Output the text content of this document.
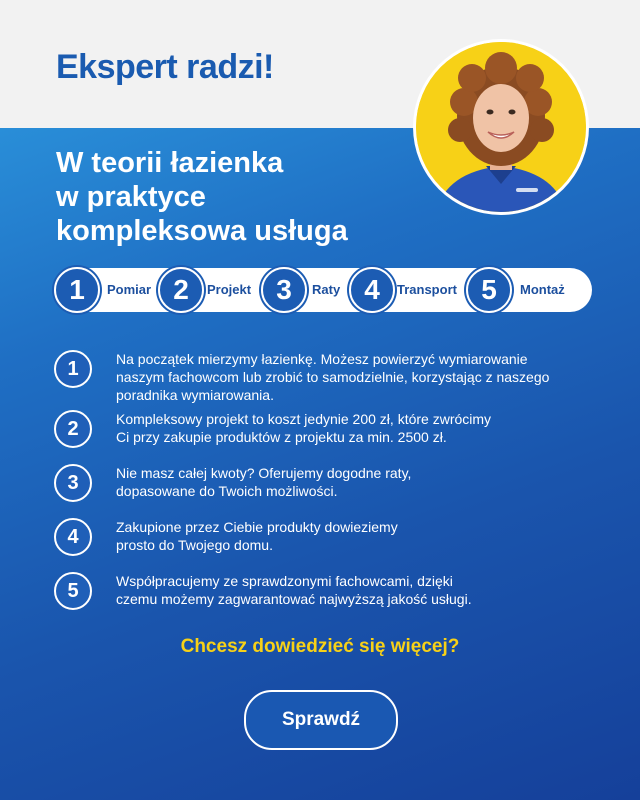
Ekspert radzi!
W teorii łazienka
w praktyce
kompleksowa usługa
1	Pomiar 2	Projekt 3	Raty 4	Transport 5	Montaż
1	Na początek mierzymy łazienkę. Możesz powierzyć wymiarowanie
naszym fachowcom lub zrobić to samodzielnie, korzystając z naszego
poradnika wymiarowania.
2	Kompleksowy projekt to koszt jedynie 200 zł, które zwrócimy
Ci przy zakupie produktów z projektu za min. 2500 zł.
3	Nie masz całej kwoty? Oferujemy dogodne raty,
dopasowane do Twoich możliwości.
4	Zakupione przez Ciebie produkty dowieziemy
prosto do Twojego domu.
5	Współpracujemy ze sprawdzonymi fachowcami, dzięki
czemu możemy zagwarantować najwyższą jakość usługi.
Chcesz dowiedzieć się więcej?
Sprawdź
